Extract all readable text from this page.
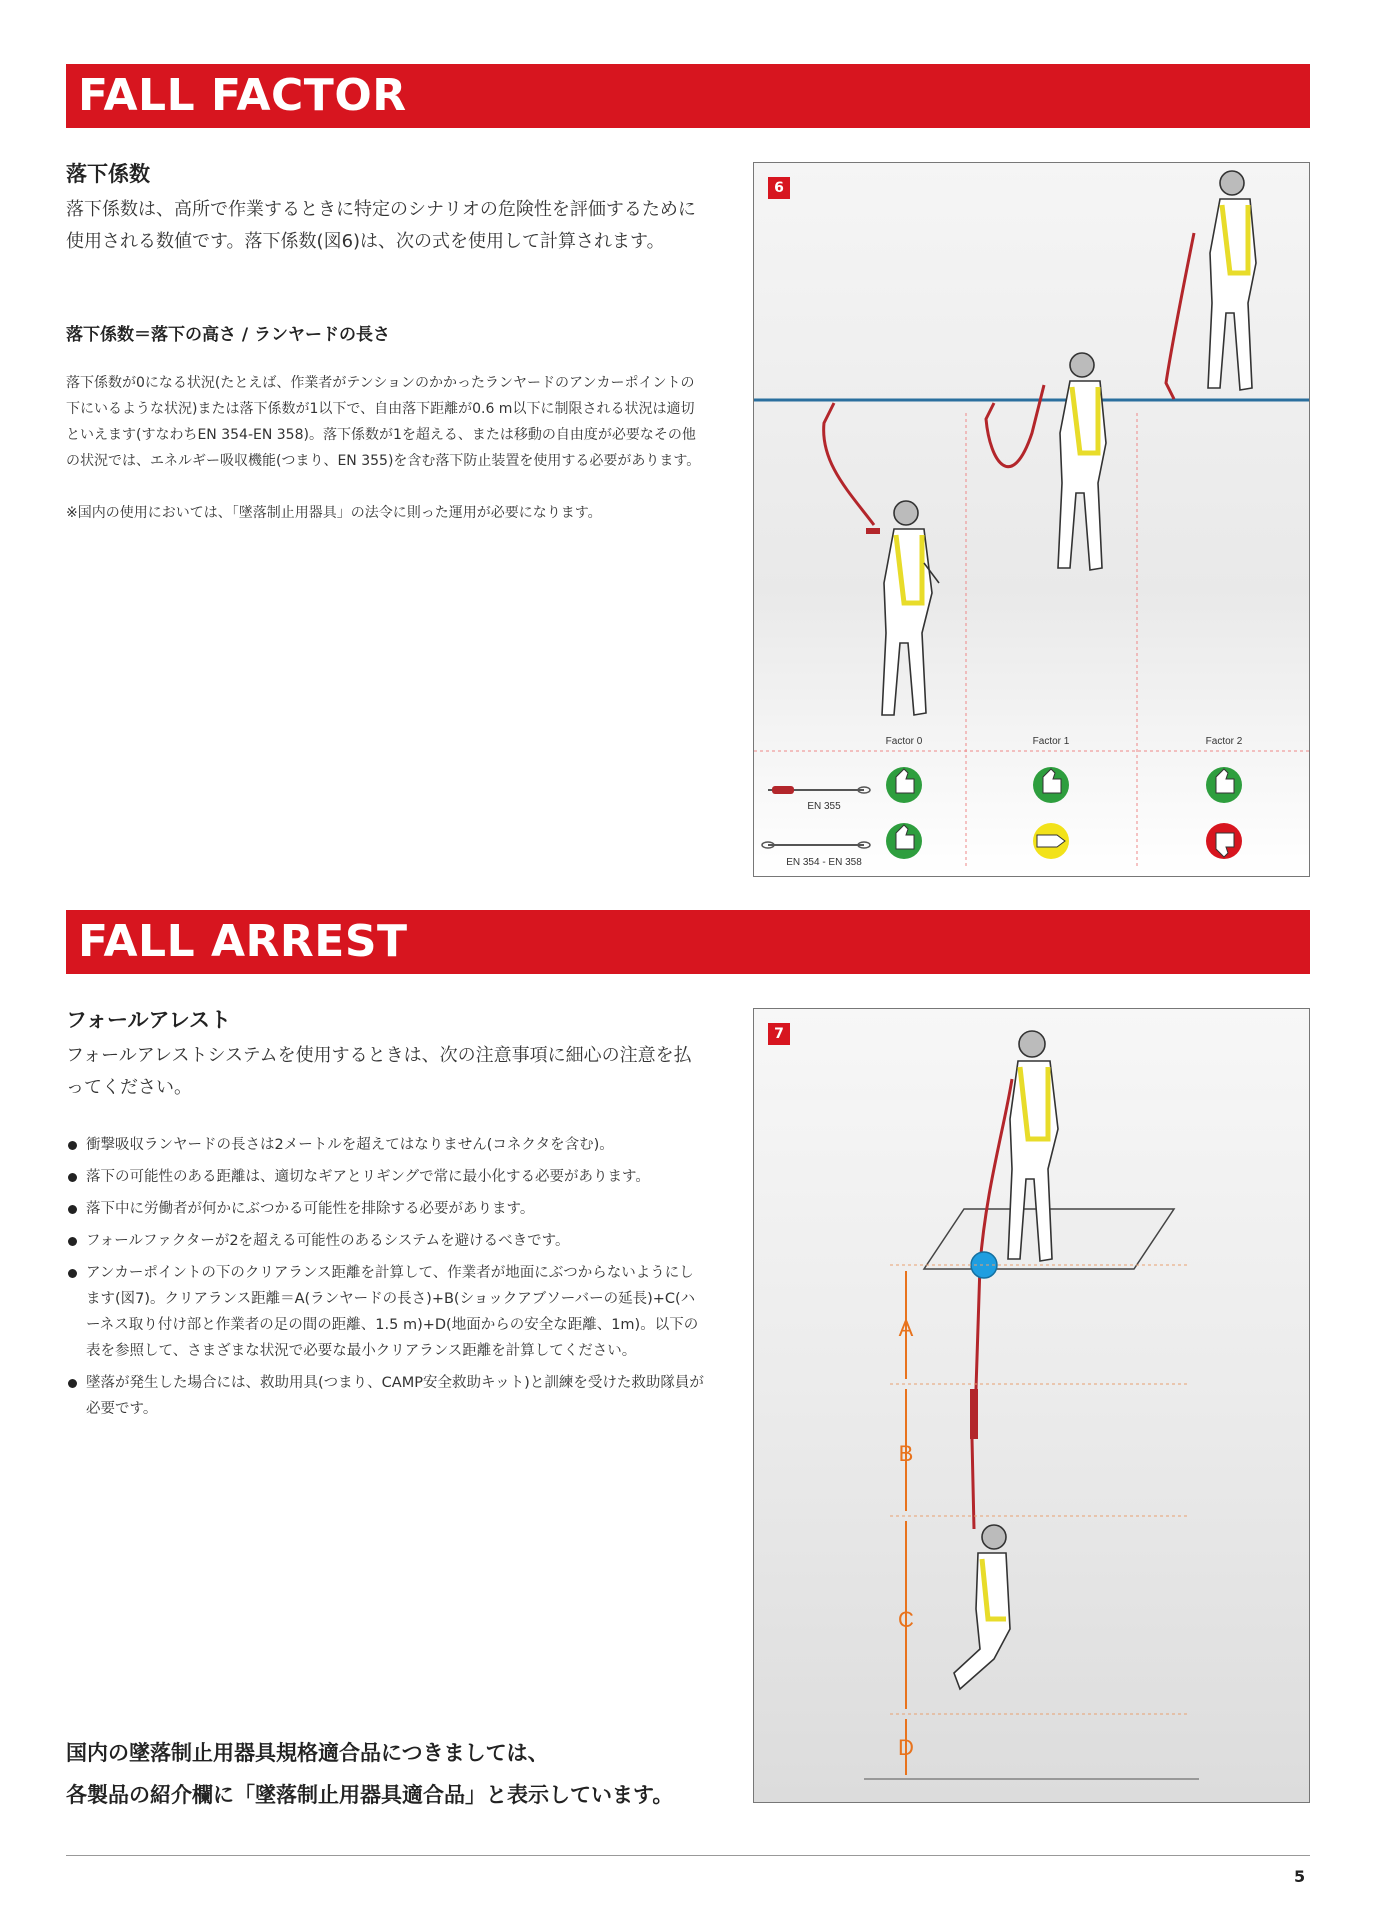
FALL FACTOR
落下係数
落下係数は、高所で作業するときに特定のシナリオの危険性を評価するために使用される数値です。落下係数(図6)は、次の式を使用して計算されます。
落下係数＝落下の高さ / ランヤードの長さ
落下係数が0になる状況(たとえば、作業者がテンションのかかったランヤードのアンカーポイントの下にいるような状況)または落下係数が1以下で、自由落下距離が0.6 m以下に制限される状況は適切といえます(すなわちEN 354-EN 358)。落下係数が1を超える、または移動の自由度が必要なその他の状況では、エネルギー吸収機能(つまり、EN 355)を含む落下防止装置を使用する必要があります。
※国内の使用においては、「墜落制止用器具」の法令に則った運用が必要になります。
6
Factor 0	Factor 1	Factor 2
EN 355
EN 354 - EN 358
FALL ARREST
フォールアレスト
フォールアレストシステムを使用するときは、次の注意事項に細心の注意を払ってください。
衝撃吸収ランヤードの長さは2メートルを超えてはなりません(コネクタを含む)。
落下の可能性のある距離は、適切なギアとリギングで常に最小化する必要があります。
落下中に労働者が何かにぶつかる可能性を排除する必要があります。
フォールファクターが2を超える可能性のあるシステムを避けるべきです。
アンカーポイントの下のクリアランス距離を計算して、作業者が地面にぶつからないようにします(図7)。クリアランス距離＝A(ランヤードの長さ)+B(ショックアブソーバーの延長)+C(ハーネス取り付け部と作業者の足の間の距離、1.5 m)+D(地面からの安全な距離、1m)。以下の表を参照して、さまざまな状況で必要な最小クリアランス距離を計算してください。
墜落が発生した場合には、救助用具(つまり、CAMP安全救助キット)と訓練を受けた救助隊員が必要です。
7
A
B
C
D
国内の墜落制止用器具規格適合品につきましては、
各製品の紹介欄に「墜落制止用器具適合品」と表示しています。
5
